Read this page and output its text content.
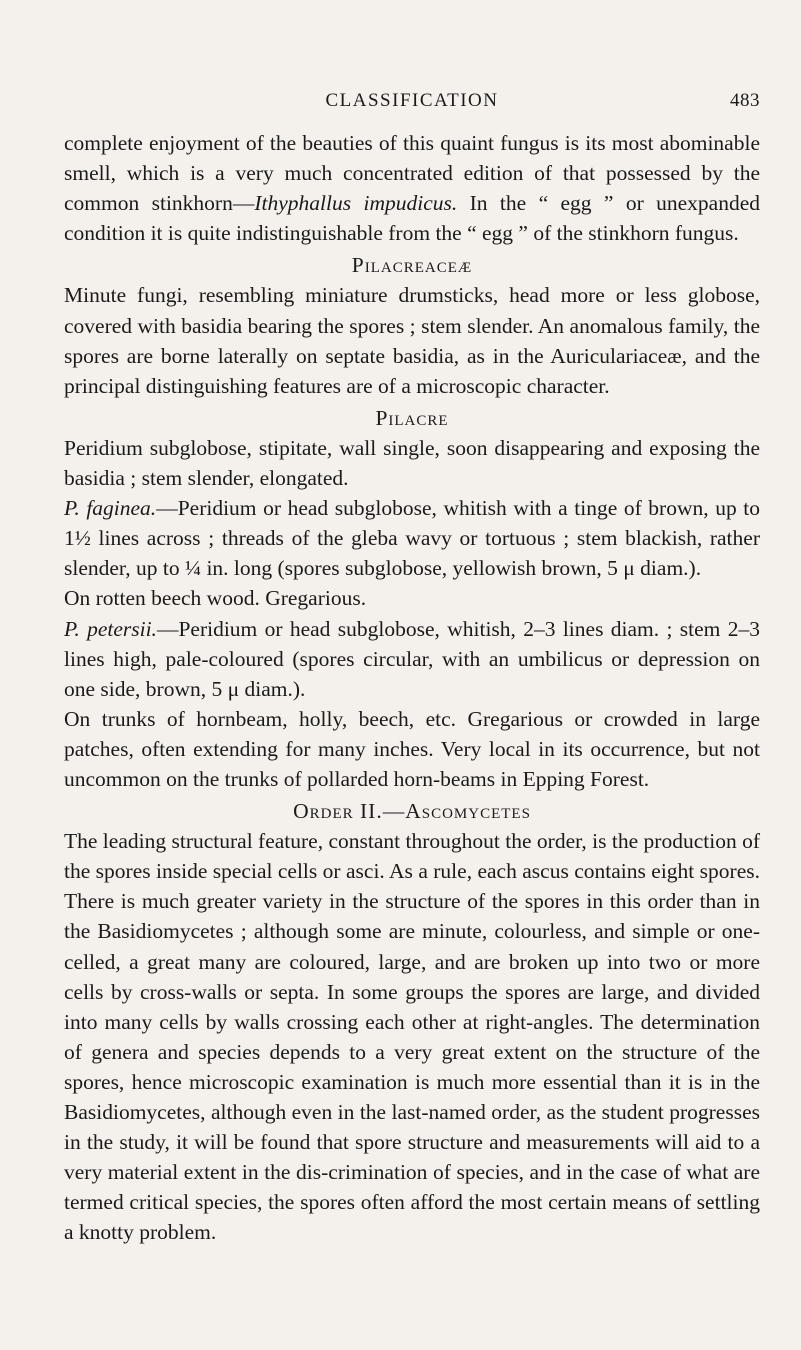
CLASSIFICATION	483

complete enjoyment of the beauties of this quaint fungus is its most abominable smell, which is a very much concentrated edition of that possessed by the common stinkhorn—Ithyphallus impudicus. In the “ egg ” or unexpanded condition it is quite indistinguishable from the “ egg ” of the stinkhorn fungus.

Pilacreaceæ

Minute fungi, resembling miniature drumsticks, head more or less globose, covered with basidia bearing the spores ; stem slender. An anomalous family, the spores are borne laterally on septate basidia, as in the Auriculariaceæ, and the principal distinguishing features are of a microscopic character.

Pilacre

Peridium subglobose, stipitate, wall single, soon disappearing and exposing the basidia ; stem slender, elongated.

P. faginea.—Peridium or head subglobose, whitish with a tinge of brown, up to 1½ lines across ; threads of the gleba wavy or tortuous ; stem blackish, rather slender, up to ¼ in. long (spores subglobose, yellowish brown, 5 μ diam.).

On rotten beech wood. Gregarious.

P. petersii.—Peridium or head subglobose, whitish, 2–3 lines diam. ; stem 2–3 lines high, pale-coloured (spores circular, with an umbilicus or depression on one side, brown, 5 μ diam.).

On trunks of hornbeam, holly, beech, etc. Gregarious or crowded in large patches, often extending for many inches. Very local in its occurrence, but not uncommon on the trunks of pollarded horn-beams in Epping Forest.

Order II.—Ascomycetes

The leading structural feature, constant throughout the order, is the production of the spores inside special cells or asci. As a rule, each ascus contains eight spores. There is much greater variety in the structure of the spores in this order than in the Basidiomycetes ; although some are minute, colourless, and simple or one-celled, a great many are coloured, large, and are broken up into two or more cells by cross-walls or septa. In some groups the spores are large, and divided into many cells by walls crossing each other at right-angles. The determination of genera and species depends to a very great extent on the structure of the spores, hence microscopic examination is much more essential than it is in the Basidiomycetes, although even in the last-named order, as the student progresses in the study, it will be found that spore structure and measurements will aid to a very material extent in the dis-crimination of species, and in the case of what are termed critical species, the spores often afford the most certain means of settling a knotty problem.
